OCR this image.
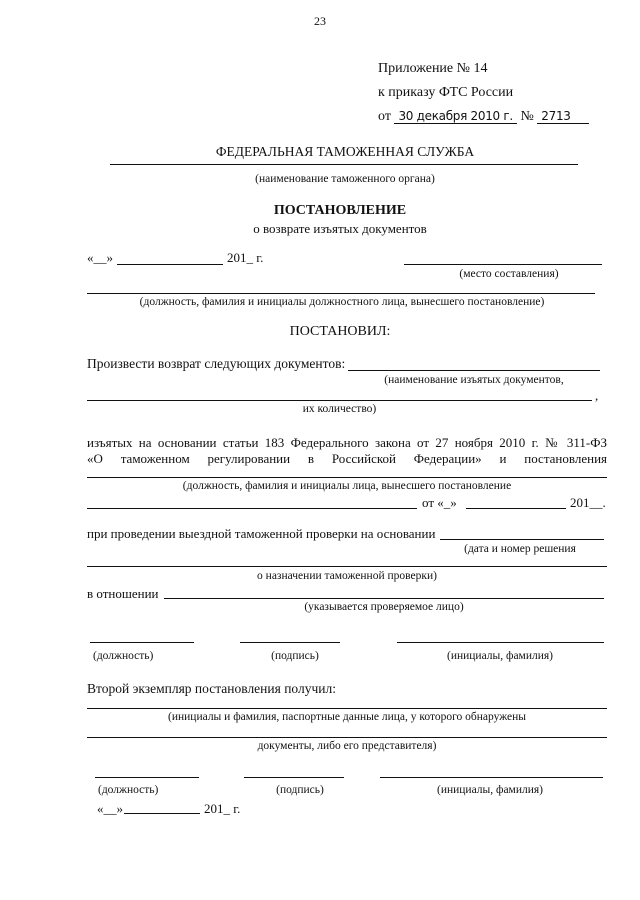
23
Приложение № 14
к приказу ФТС России
от 30 декабря 2010 г. № 2713
ФЕДЕРАЛЬНАЯ ТАМОЖЕННАЯ СЛУЖБА
(наименование таможенного органа)
ПОСТАНОВЛЕНИЕ
о возврате изъятых документов
«__»	201_ г.
(место составления)
(должность, фамилия и инициалы должностного лица, вынесшего постановление)
ПОСТАНОВИЛ:
Произвести возврат следующих документов:
(наименование изъятых документов,
,
их количество)
изъятых на основании статьи 183 Федерального закона от 27 ноября 2010 г. № 311-ФЗ
«О таможенном регулировании в Российской Федерации» и постановления
(должность, фамилия и инициалы лица, вынесшего постановление
от «_»	201__.
при проведении выездной таможенной проверки на основании
(дата и номер решения
о назначении таможенной проверки)
в отношении
(указывается проверяемое лицо)
(должность)	(подпись)	(инициалы, фамилия)
Второй экземпляр постановления получил:
(инициалы и фамилия, паспортные данные лица, у которого обнаружены
документы, либо его представителя)
(должность)	(подпись)	(инициалы, фамилия)
«__»	201_ г.
